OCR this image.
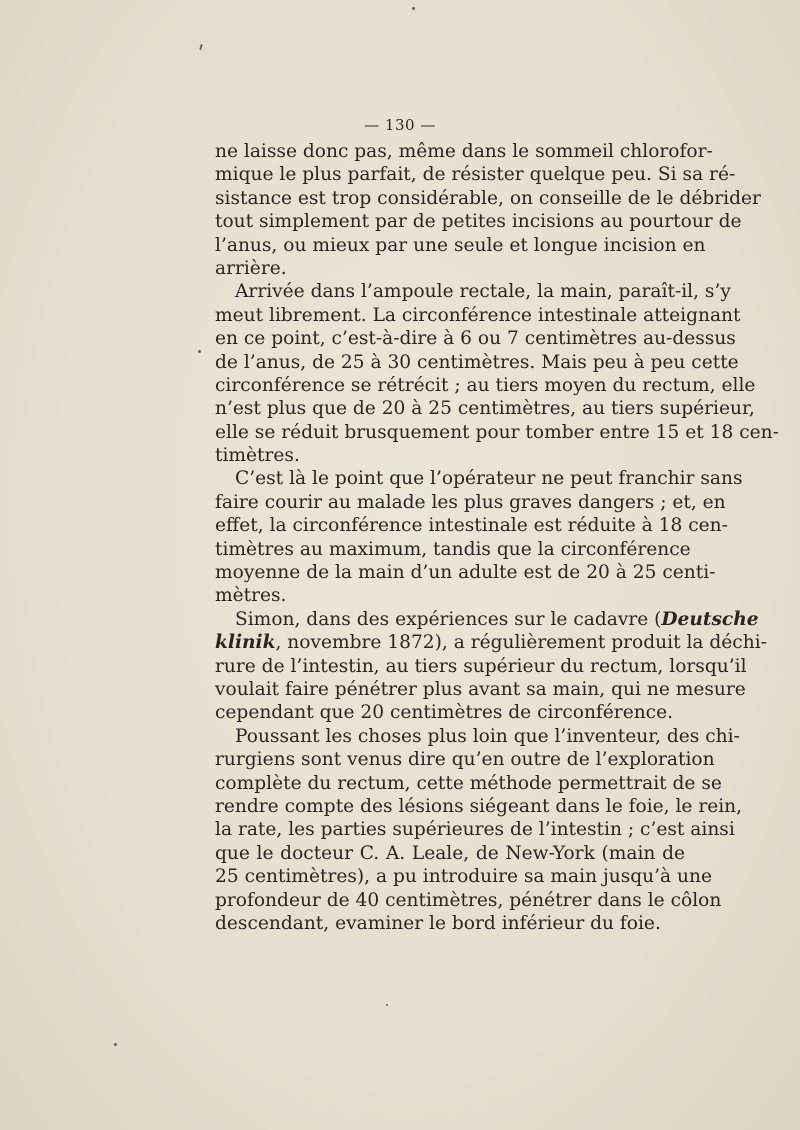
— 130 —
ne laisse donc pas, même dans le sommeil chlorofor-
mique le plus parfait, de résister quelque peu. Si sa ré-
sistance est trop considérable, on conseille de le débrider
tout simplement par de petites incisions au pourtour de
l’anus, ou mieux par une seule et longue incision en
arrière.
Arrivée dans l’ampoule rectale, la main, paraît-il, s’y
meut librement. La circonférence intestinale atteignant
en ce point, c’est-à-dire à 6 ou 7 centimètres au-dessus
de l’anus, de 25 à 30 centimètres. Mais peu à peu cette
circonférence se rétrécit ; au tiers moyen du rectum, elle
n’est plus que de 20 à 25 centimètres, au tiers supérieur,
elle se réduit brusquement pour tomber entre 15 et 18 cen-
timètres.
C’est là le point que l’opérateur ne peut franchir sans
faire courir au malade les plus graves dangers ; et, en
effet, la circonférence intestinale est réduite à 18 cen-
timètres au maximum, tandis que la circonférence
moyenne de la main d’un adulte est de 20 à 25 centi-
mètres.
Simon, dans des expériences sur le cadavre (Deutsche
klinik, novembre 1872), a régulièrement produit la déchi-
rure de l’intestin, au tiers supérieur du rectum, lorsqu’il
voulait faire pénétrer plus avant sa main, qui ne mesure
cependant que 20 centimètres de circonférence.
Poussant les choses plus loin que l’inventeur, des chi-
rurgiens sont venus dire qu’en outre de l’exploration
complète du rectum, cette méthode permettrait de se
rendre compte des lésions siégeant dans le foie, le rein,
la rate, les parties supérieures de l’intestin ; c’est ainsi
que le docteur C. A. Leale, de New-York (main de
25 centimètres), a pu introduire sa main jusqu’à une
profondeur de 40 centimètres, pénétrer dans le côlon
descendant, evaminer le bord inférieur du foie.
